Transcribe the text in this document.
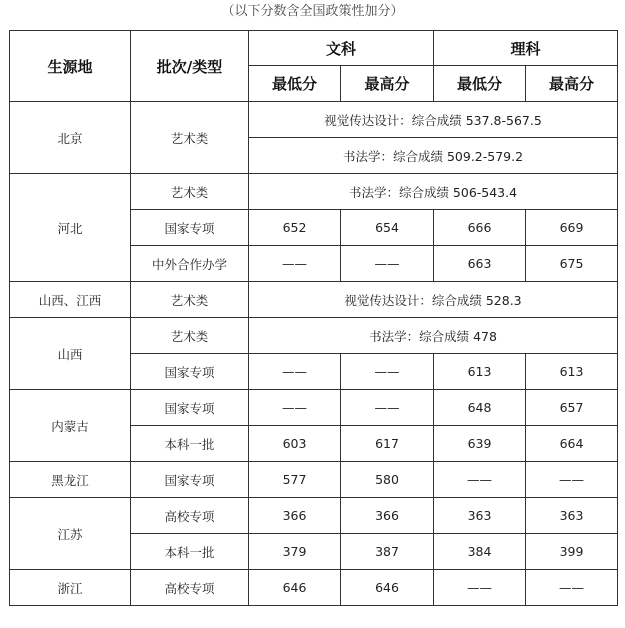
（以下分数含全国政策性加分）
生源地	批次/类型	文科		理科	
		最低分	最高分	最低分	最高分
北京	艺术类	视觉传达设计：综合成绩 537.8-567.5			
		书法学：综合成绩 509.2-579.2			
河北	艺术类	书法学：综合成绩 506-543.4			
	国家专项	652	654	666	669
	中外合作办学	——	——	663	675
山西、江西	艺术类	视觉传达设计：综合成绩 528.3			
山西	艺术类	书法学：综合成绩 478			
	国家专项	——	——	613	613
内蒙古	国家专项	——	——	648	657
	本科一批	603	617	639	664
黑龙江	国家专项	577	580	——	——
江苏	高校专项	366	366	363	363
	本科一批	379	387	384	399
浙江	高校专项	646	646	——	——
